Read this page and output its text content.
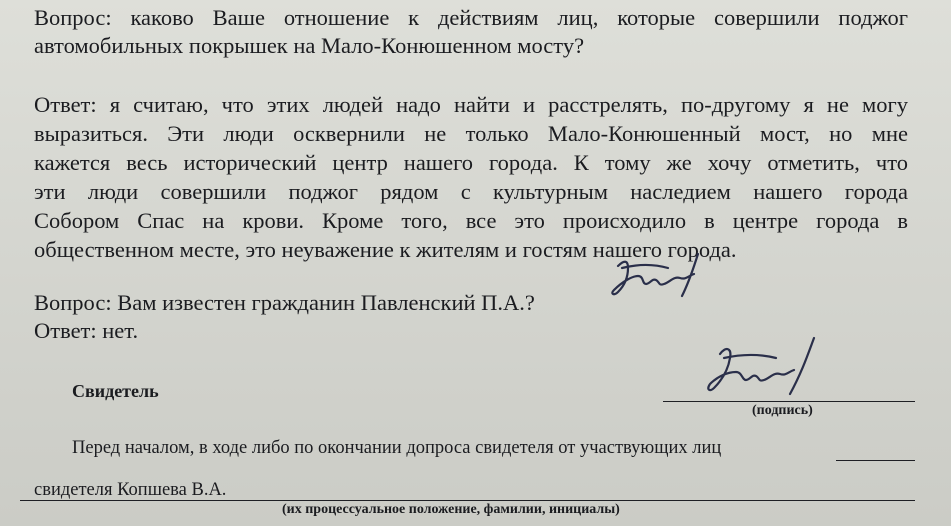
Вопрос: каково Ваше отношение к действиям лиц, которые совершили поджог
автомобильных покрышек на Мало-Конюшенном мосту?
Ответ: я считаю, что этих людей надо найти и расстрелять, по-другому я не могу
выразиться. Эти люди осквернили не только Мало-Конюшенный мост, но мне
кажется весь исторический центр нашего города. К тому же хочу отметить, что
эти люди совершили поджог рядом с культурным наследием нашего города
Собором Спас на крови. Кроме того, все это происходило в центре города в
общественном месте, это неуважение к жителям и гостям нашего города.
Вопрос: Вам известен гражданин Павленский П.А.?
Ответ: нет.
Свидетель
(подпись)
Перед началом, в ходе либо по окончании допроса свидетеля от участвующих лиц
свидетеля Копшева В.А.
(их процессуальное положение, фамилии, инициалы)
